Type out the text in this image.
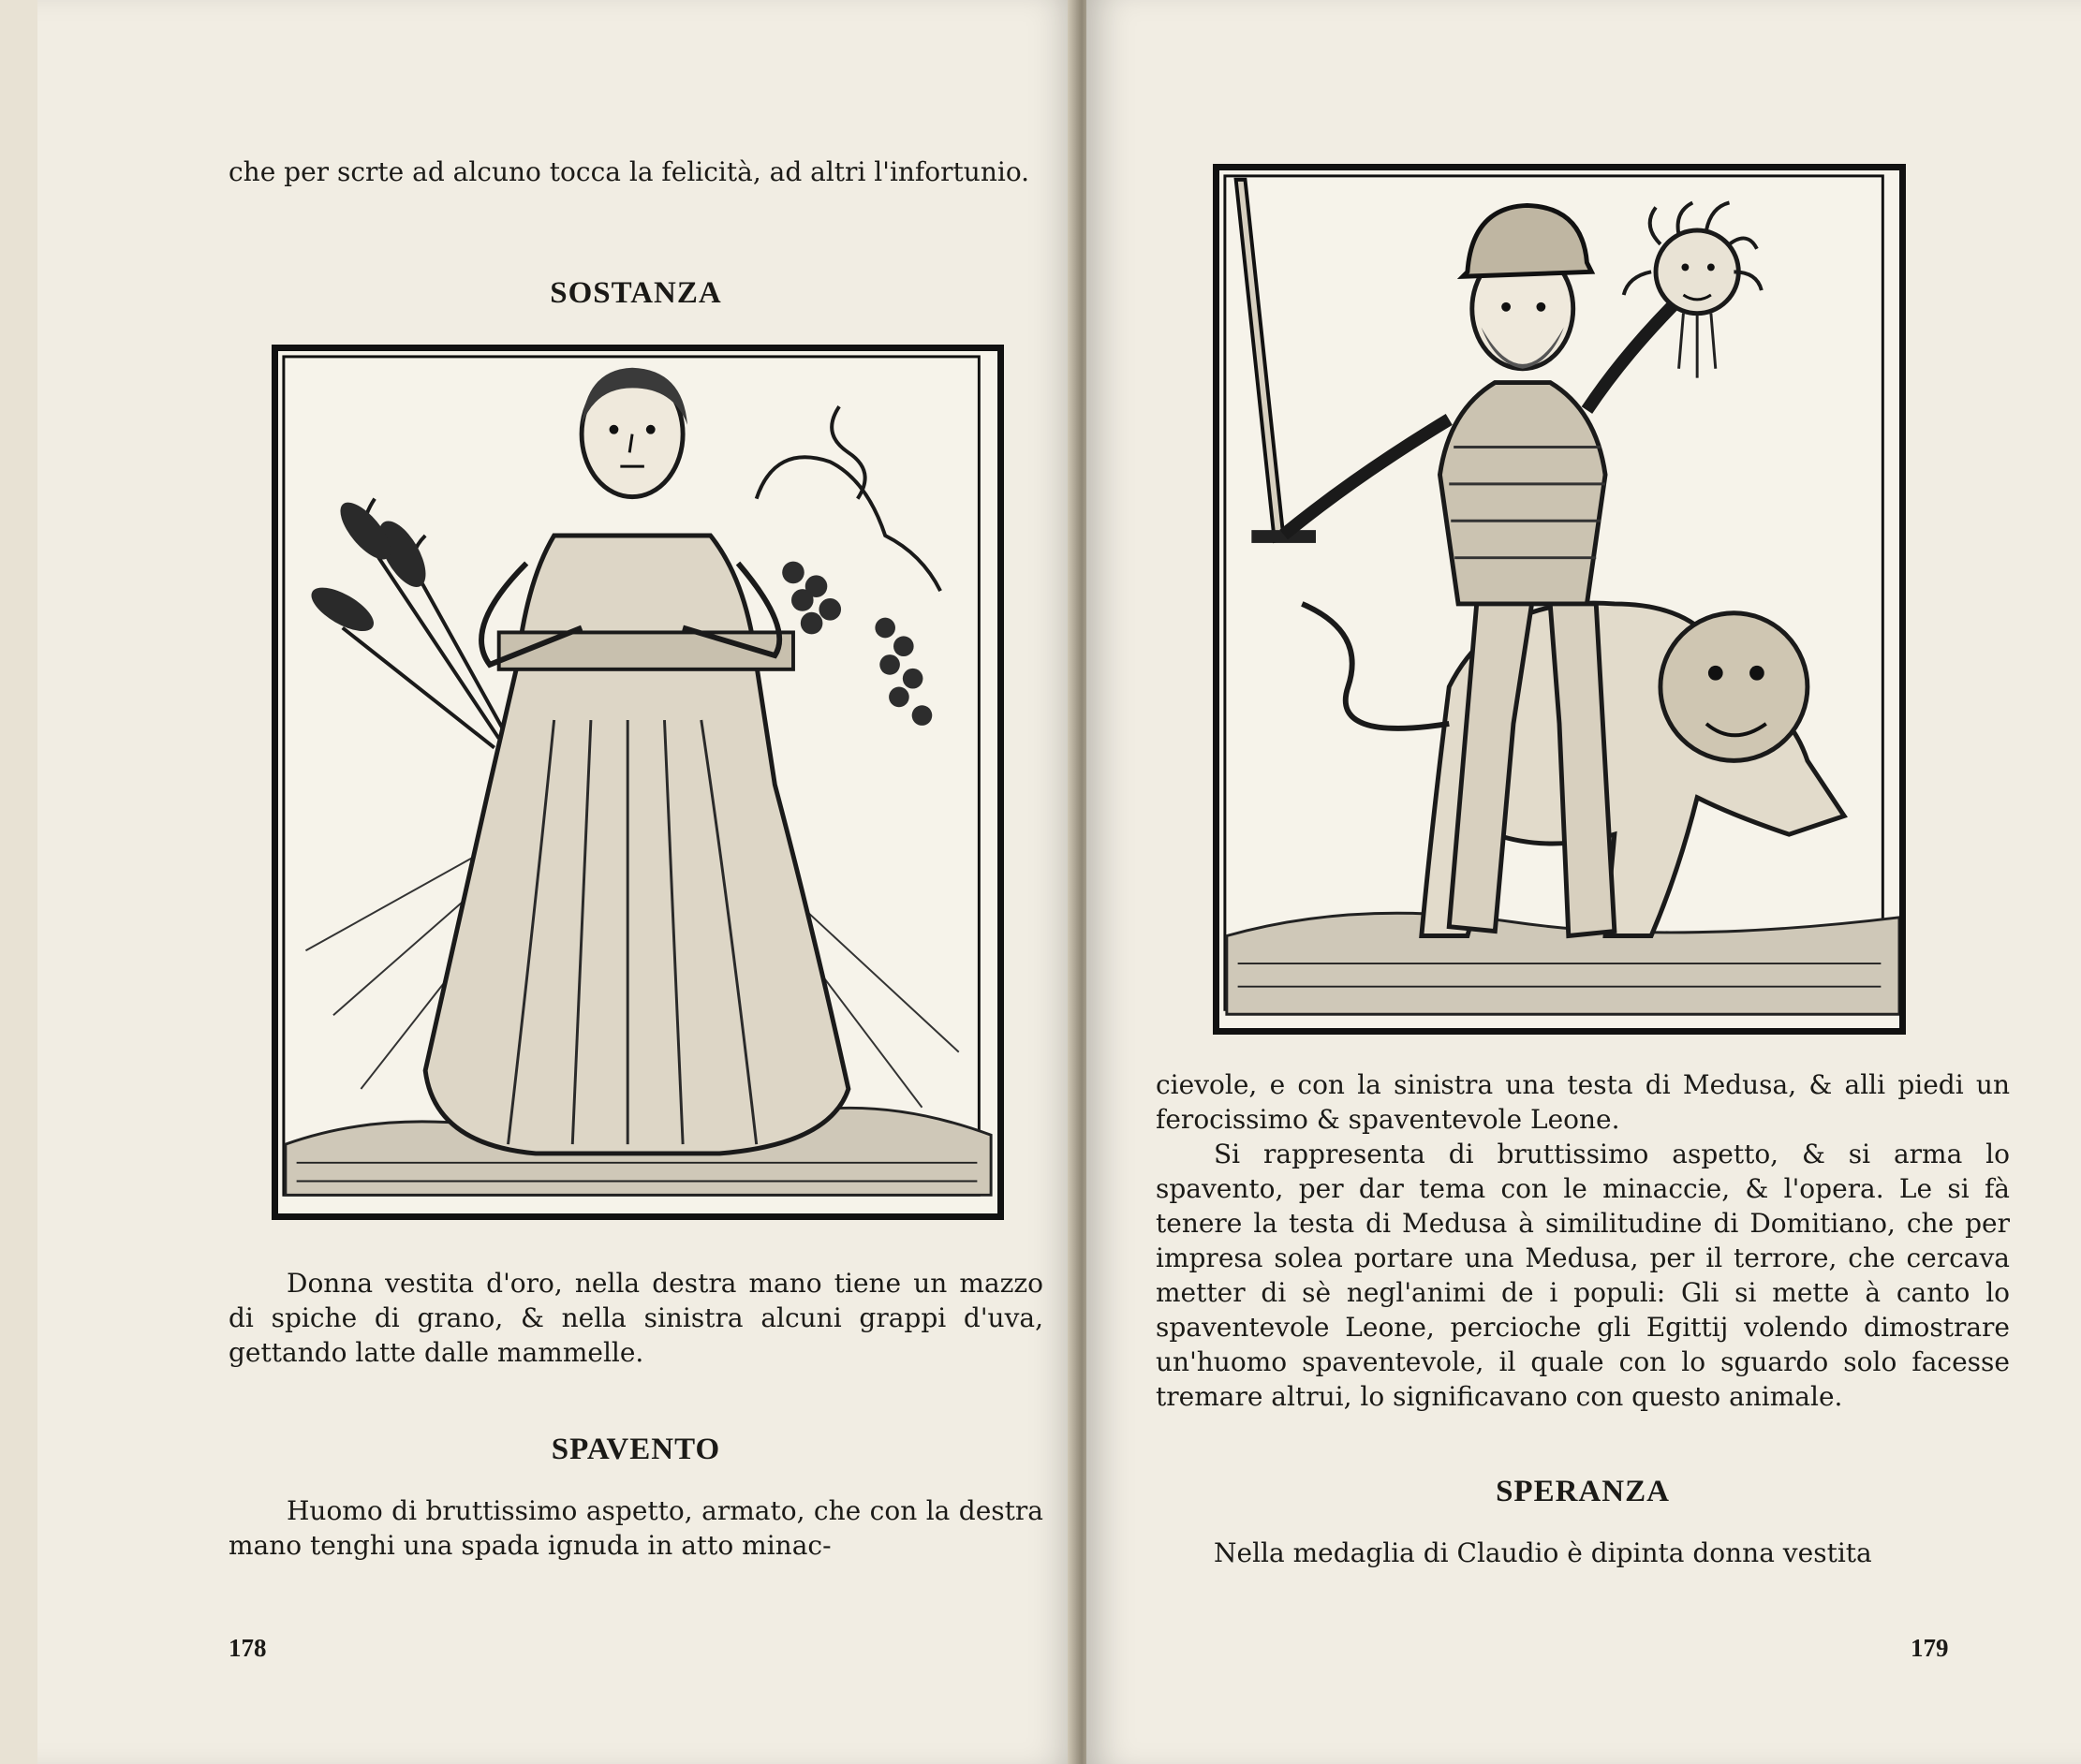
che per scrte ad alcuno tocca la felicità, ad altri l'infortunio.

SOSTANZA

Donna vestita d'oro, nella destra mano tiene un mazzo di spiche di grano, & nella sinistra alcuni grappi d'uva, gettando latte dalle mammelle.

SPAVENTO

Huomo di bruttissimo aspetto, armato, che con la destra mano tenghi una spada ignuda in atto minac-

178

cievole, e con la sinistra una testa di Medusa, & alli piedi un ferocissimo & spaventevole Leone.

Si rappresenta di bruttissimo aspetto, & si arma lo spavento, per dar tema con le minaccie, & l'opera. Le si fà tenere la testa di Medusa à similitudine di Domitiano, che per impresa solea portare una Medusa, per il terrore, che cercava metter di sè negl'animi de i populi: Gli si mette à canto lo spaventevole Leone, percioche gli Egittij volendo dimostrare un'huomo spaventevole, il quale con lo sguardo solo facesse tremare altrui, lo significavano con questo animale.

SPERANZA

Nella medaglia di Claudio è dipinta donna vestita

179
